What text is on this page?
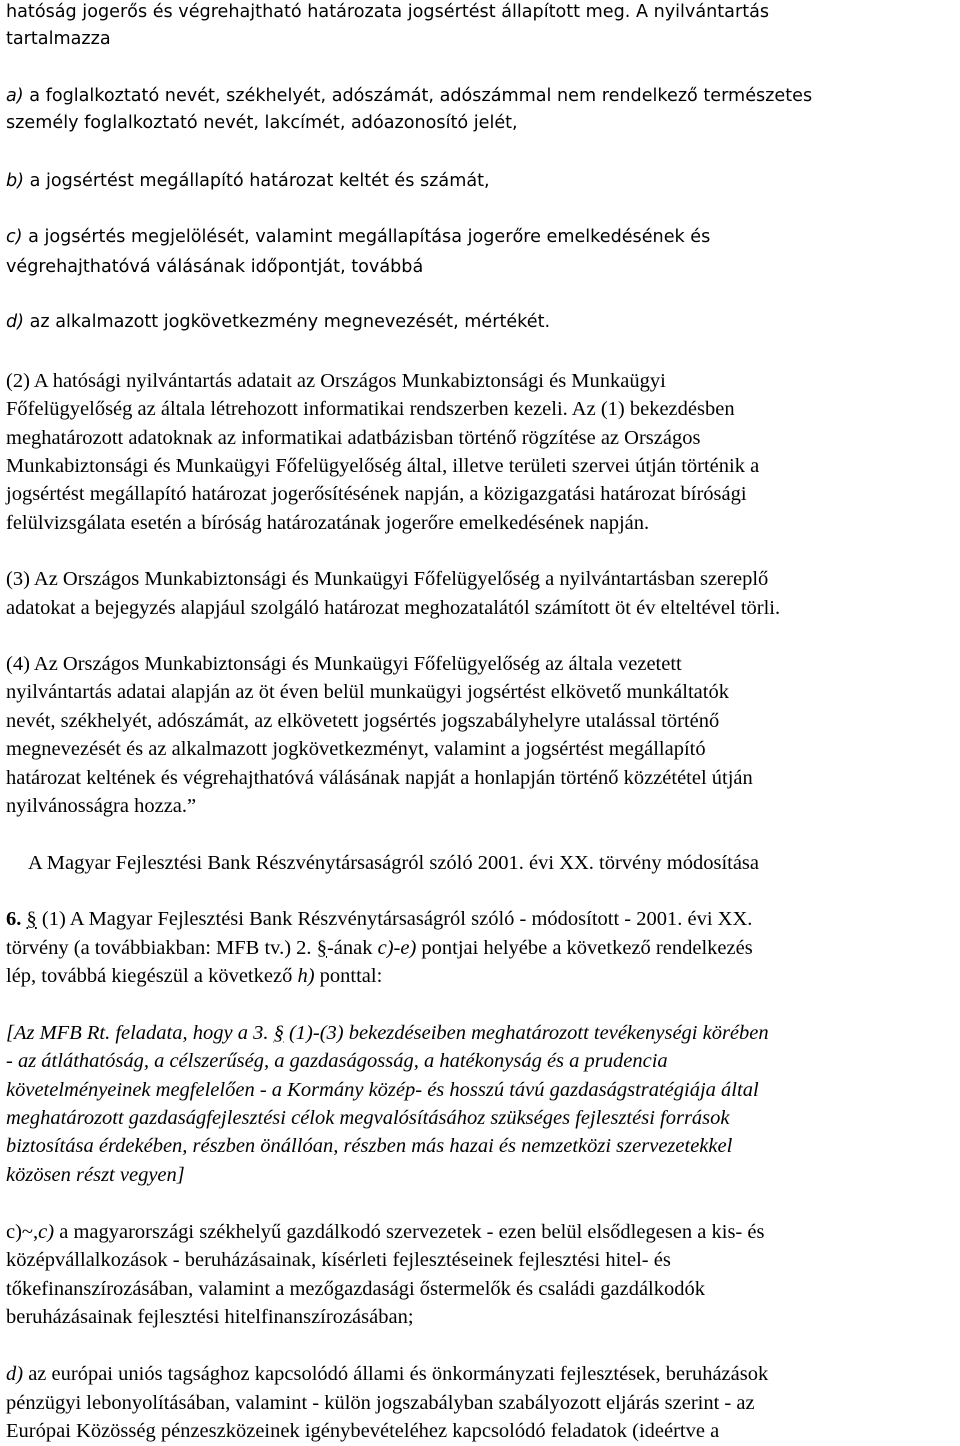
hatóság jogerős és végrehajtható határozata jogsértést állapított meg. A nyilvántartás
tartalmazza
a) a foglalkoztató nevét, székhelyét, adószámát, adószámmal nem rendelkező természetes
személy foglalkoztató nevét, lakcímét, adóazonosító jelét,
b) a jogsértést megállapító határozat keltét és számát,
c) a jogsértés megjelölését, valamint megállapítása jogerőre emelkedésének és
végrehajthatóvá válásának időpontját, továbbá
d) az alkalmazott jogkövetkezmény megnevezését, mértékét.
(2) A hatósági nyilvántartás adatait az Országos Munkabiztonsági és Munkaügyi
Főfelügyelőség az általa létrehozott informatikai rendszerben kezeli. Az (1) bekezdésben
meghatározott adatoknak az informatikai adatbázisban történő rögzítése az Országos
Munkabiztonsági és Munkaügyi Főfelügyelőség által, illetve területi szervei útján történik a
jogsértést megállapító határozat jogerősítésének napján, a közigazgatási határozat bírósági
felülvizsgálata esetén a bíróság határozatának jogerőre emelkedésének napján.
(3) Az Országos Munkabiztonsági és Munkaügyi Főfelügyelőség a nyilvántartásban szereplő
adatokat a bejegyzés alapjául szolgáló határozat meghozatalától számított öt év elteltével törli.
(4) Az Országos Munkabiztonsági és Munkaügyi Főfelügyelőség az általa vezetett
nyilvántartás adatai alapján az öt éven belül munkaügyi jogsértést elkövető munkáltatók
nevét, székhelyét, adószámát, az elkövetett jogsértés jogszabályhelyre utalással történő
megnevezését és az alkalmazott jogkövetkezményt, valamint a jogsértést megállapító
határozat keltének és végrehajthatóvá válásának napját a honlapján történő közzététel útján
nyilvánosságra hozza.”
A Magyar Fejlesztési Bank Részvénytársaságról szóló 2001. évi XX. törvény módosítása
6. § (1) A Magyar Fejlesztési Bank Részvénytársaságról szóló - módosított - 2001. évi XX.
törvény (a továbbiakban: MFB tv.) 2. §-ának c)-e) pontjai helyébe a következő rendelkezés
lép, továbbá kiegészül a következő h) ponttal:
[Az MFB Rt. feladata, hogy a 3. § (1)-(3) bekezdéseiben meghatározott tevékenységi körében
- az átláthatóság, a célszerűség, a gazdaságosság, a hatékonyság és a prudencia
követelményeinek megfelelően - a Kormány közép- és hosszú távú gazdaságstratégiája által
meghatározott gazdaságfejlesztési célok megvalósításához szükséges fejlesztési források
biztosítása érdekében, részben önállóan, részben más hazai és nemzetközi szervezetekkel
közösen részt vegyen]
c)~,c) a magyarországi székhelyű gazdálkodó szervezetek - ezen belül elsődlegesen a kis- és
középvállalkozások - beruházásainak, kísérleti fejlesztéseinek fejlesztési hitel- és
tőkefinanszírozásában, valamint a mezőgazdasági őstermelők és családi gazdálkodók
beruházásainak fejlesztési hitelfinanszírozásában;
d) az európai uniós tagsághoz kapcsolódó állami és önkormányzati fejlesztések, beruházások
pénzügyi lebonyolításában, valamint - külön jogszabályban szabályozott eljárás szerint - az
Európai Közösség pénzeszközeinek igénybevételéhez kapcsolódó feladatok (ideértve a
